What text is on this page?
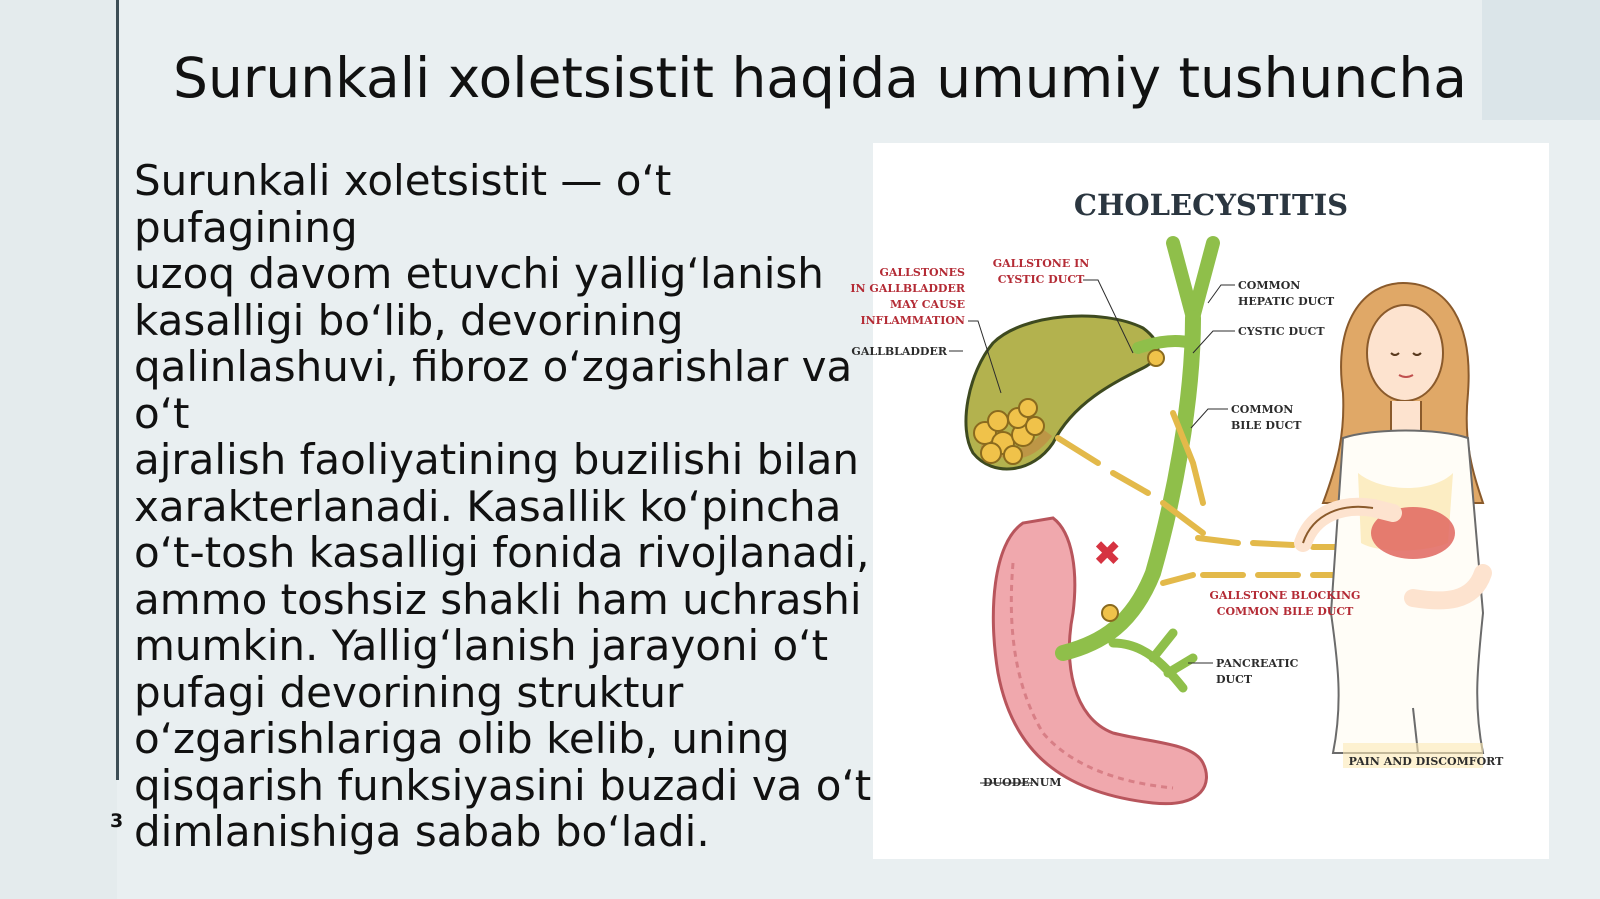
Surunkali xoletsistit haqida umumiy tushuncha

Surunkali xoletsistit — o‘t pufagining
uzoq davom etuvchi yallig‘lanish
kasalligi bo‘lib, devorining
qalinlashuvi, fibroz o‘zgarishlar va o‘t
ajralish faoliyatining buzilishi bilan
xarakterlanadi. Kasallik ko‘pincha
o‘t-tosh kasalligi fonida rivojlanadi,
ammo toshsiz shakli ham uchrashi
mumkin. Yallig‘lanish jarayoni o‘t
pufagi devorining struktur
o‘zgarishlariga olib kelib, uning
qisqarish funksiyasini buzadi va o‘t
dimlanishiga sabab bo‘ladi.

3
CHOLECYSTITIS
✖
GALLSTONES
IN GALLBLADDER
MAY CAUSE
INFLAMMATION
GALLSTONE IN
CYSTIC DUCT
GALLBLADDER
COMMON
HEPATIC DUCT
CYSTIC DUCT
COMMON
BILE DUCT
GALLSTONE BLOCKING
COMMON BILE DUCT
PANCREATIC
DUCT
DUODENUM
PAIN AND DISCOMFORT
